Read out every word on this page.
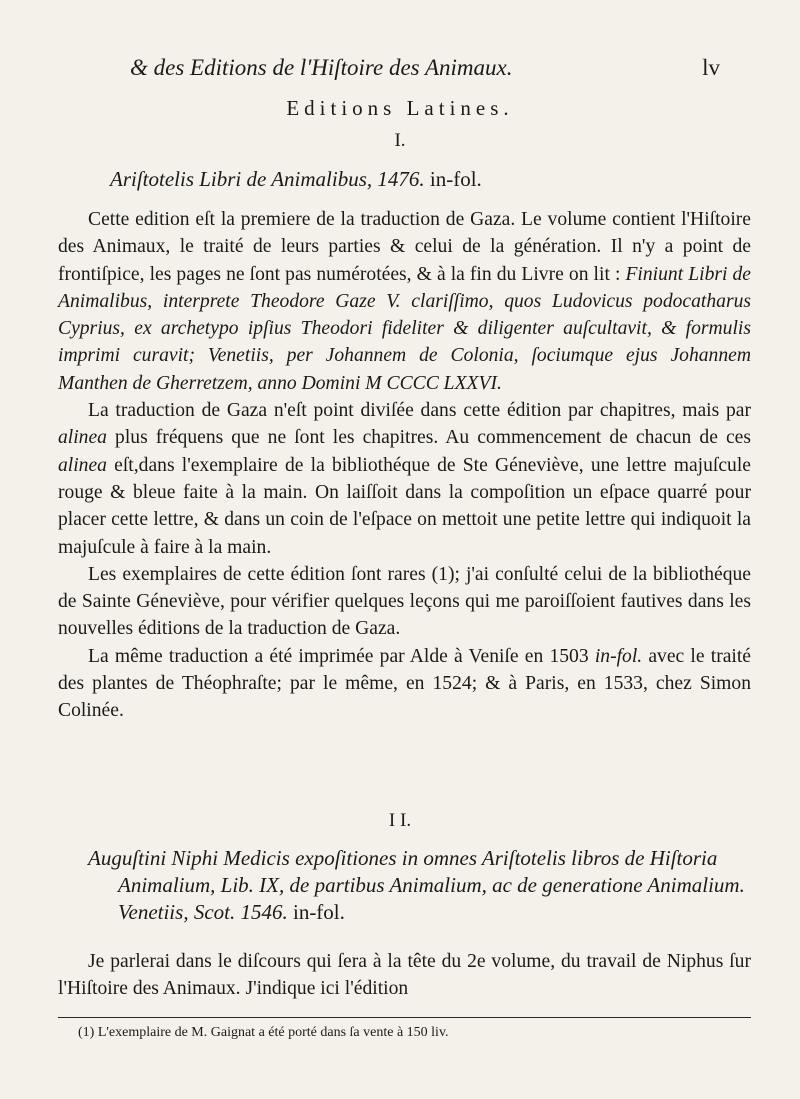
& des Editions de l'Hiſtoire des Animaux.	lv
Editions Latines.
I.
Ariſtotelis Libri de Animalibus, 1476. in-fol.

Cette edition eſt la premiere de la traduction de Gaza. Le volume contient l'Hiſtoire des Animaux, le traité de leurs parties & celui de la génération. Il n'y a point de frontiſpice, les pages ne ſont pas numérotées, & à la fin du Livre on lit : Finiunt Libri de Animalibus, interprete Theodore Gaze V. clariſſimo, quos Ludovicus podocatharus Cyprius, ex archetypo ipſius Theodori fideliter & diligenter auſcultavit, & formulis imprimi curavit; Venetiis, per Johannem de Colonia, ſociumque ejus Johannem Manthen de Gherretzem, anno Domini M CCCC LXXVI.

La traduction de Gaza n'eſt point diviſée dans cette édition par chapitres, mais par alinea plus fréquens que ne ſont les chapitres. Au commencement de chacun de ces alinea eſt,dans l'exemplaire de la bibliothéque de Ste Géneviève, une lettre majuſcule rouge & bleue faite à la main. On laiſſoit dans la compoſition un eſpace quarré pour placer cette lettre, & dans un coin de l'eſpace on mettoit une petite lettre qui indiquoit la majuſcule à faire à la main.

Les exemplaires de cette édition ſont rares (1); j'ai conſulté celui de la bibliothéque de Sainte Géneviève, pour vérifier quelques leçons qui me paroiſſoient fautives dans les nouvelles éditions de la traduction de Gaza.

La même traduction a été imprimée par Alde à Veniſe en 1503 in-fol. avec le traité des plantes de Théophraſte; par le même, en 1524; & à Paris, en 1533, chez Simon Colinée.

I I.
Auguſtini Niphi Medicis expoſitiones in omnes Ariſtotelis libros de Hiſtoria Animalium, Lib. IX, de partibus Animalium, ac de generatione Animalium. Venetiis, Scot. 1546. in-fol.

Je parlerai dans le diſcours qui ſera à la tête du 2e volume, du travail de Niphus ſur l'Hiſtoire des Animaux. J'indique ici l'édition

(1) L'exemplaire de M. Gaignat a été porté dans ſa vente à 150 liv.
